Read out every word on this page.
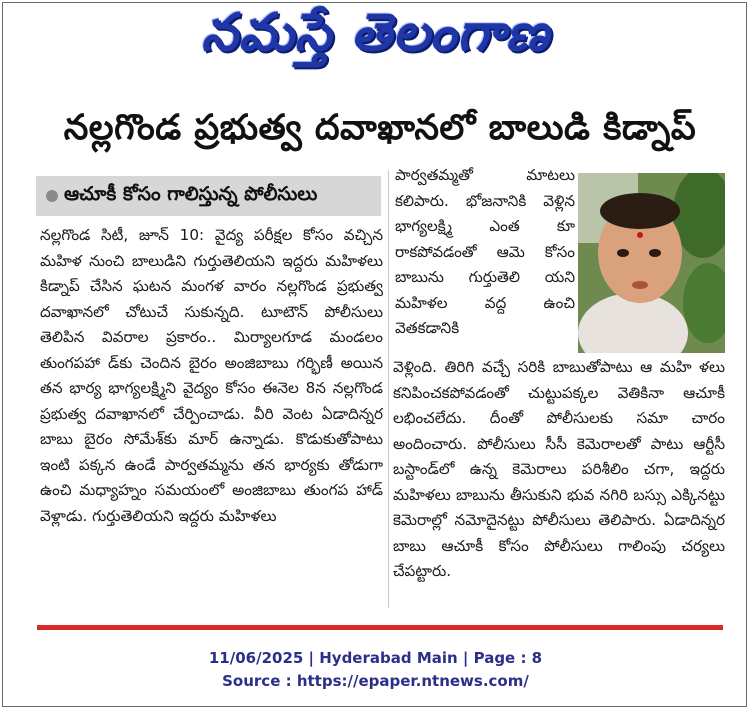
నమస్తే తెలంగాణ
నల్లగొండ ప్రభుత్వ దవాఖానలో బాలుడి కిడ్నాప్
ఆచూకీ కోసం గాలిస్తున్న పోలీసులు
నల్లగొండ సిటీ, జూన్ 10: వైద్య పరీక్షల కోసం వచ్చిన మహిళ నుంచి బాలుడిని గుర్తుతెలియని ఇద్దరు మహిళలు కిడ్నాప్ చేసిన ఘటన మంగళ వారం నల్లగొండ ప్రభుత్వ దవాఖానలో చోటుచే సుకున్నది. టూటౌన్ పోలీసులు తెలిపిన వివరాల ప్రకారం.. మిర్యాలగూడ మండలం తుంగపహా డ్‌కు చెందిన బైరం అంజిబాబు గర్భిణీ అయిన తన భార్య భాగ్యలక్ష్మిని వైద్యం కోసం ఈనెల 8న నల్లగొండ ప్రభుత్వ దవాఖానలో చేర్పించాడు. వీరి వెంట ఏడాదిన్నర బాబు బైరం సోమేశ్‌కు మార్ ఉన్నాడు. కొడుకుతోపాటు ఇంటి పక్కన ఉండే పార్వతమ్మను తన భార్యకు తోడుగా ఉంచి మధ్యాహ్నం సమయంలో అంజిబాబు తుంగప హాడ్ వెళ్లాడు. గుర్తుతెలియని ఇద్దరు మహిళలు
పార్వతమ్మతో మాటలు కలిపారు. భోజనానికి వెళ్లిన భాగ్యలక్ష్మి ఎంత కూ రాకపోవడంతో ఆమె కోసం బాబును గుర్తుతెలి యని మహిళల వద్ద ఉంచి వెతకడానికి
వెళ్లింది. తిరిగి వచ్చే సరికి బాబుతోపాటు ఆ మహి ళలు కనిపించకపోవడంతో చుట్టుపక్కల వెతికినా ఆచూకీ లభించలేదు. దీంతో పోలీసులకు సమా చారం అందించారు. పోలీసులు సీసీ కెమెరాలతో పాటు ఆర్టీసీ బస్టాండ్‌లో ఉన్న కెమెరాలు పరిశీలిం చగా, ఇద్దరు మహిళలు బాబును తీసుకుని భువ నగిరి బస్సు ఎక్కినట్టు కెమెరాల్లో నమోదైనట్టు పోలీసులు తెలిపారు. ఏడాదిన్నర బాబు ఆచూకీ కోసం పోలీసులు గాలింపు చర్యలు చేపట్టారు.
11/06/2025 | Hyderabad Main | Page : 8
Source : https://epaper.ntnews.com/
